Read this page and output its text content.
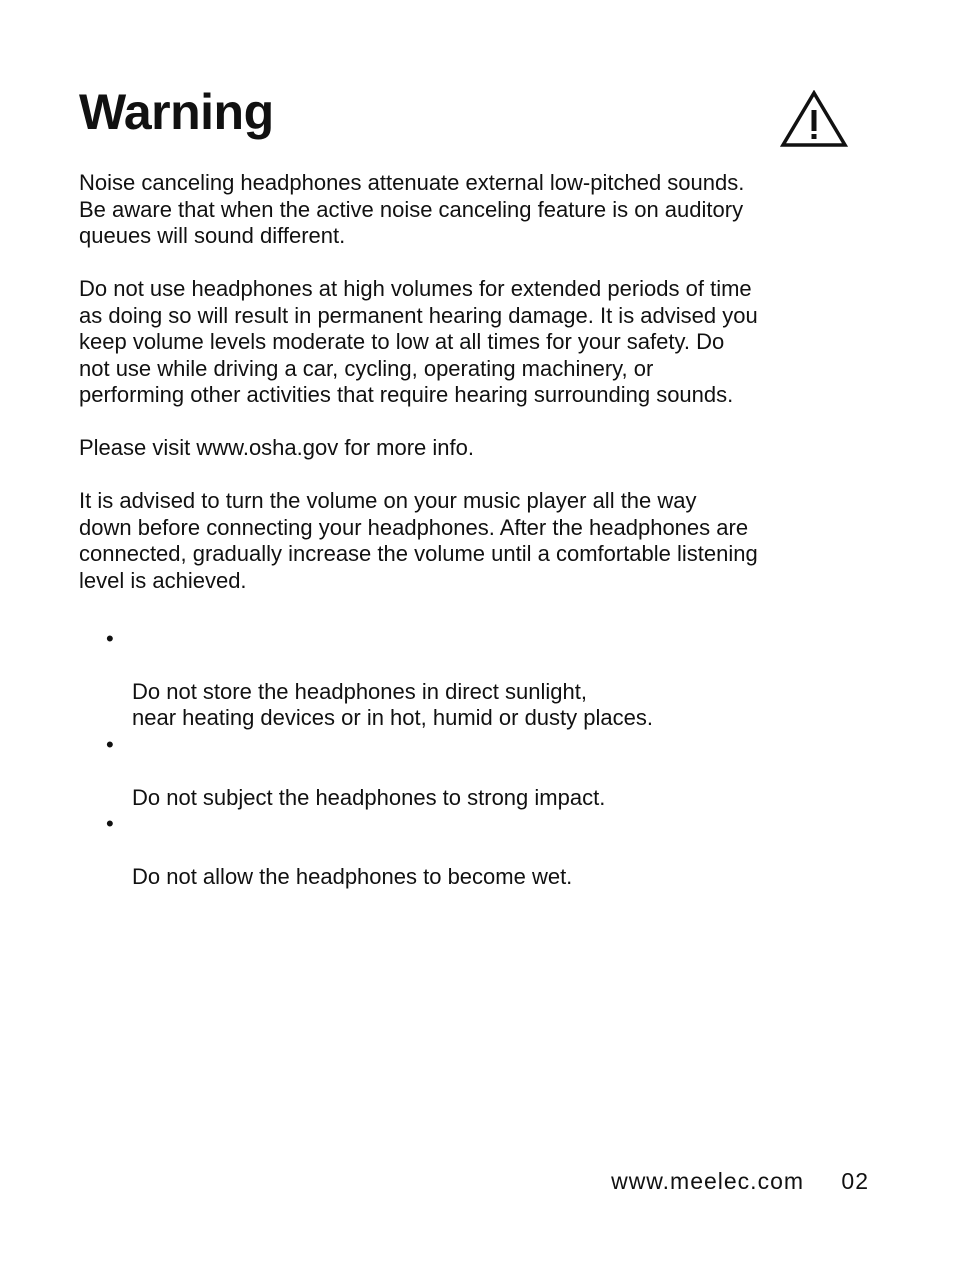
Warning

Noise canceling headphones attenuate external low-pitched sounds.
Be aware that when the active noise canceling feature is on auditory
queues will sound different.

Do not use headphones at high volumes for extended periods of time
as doing so will result in permanent hearing damage. It is advised you
keep volume levels moderate to low at all times for your safety. Do
not use while driving a car, cycling, operating machinery, or
performing other activities that require hearing surrounding sounds.

Please visit www.osha.gov for more info.

It is advised to turn the volume on your music player all the way
down before connecting your headphones. After the headphones are
connected, gradually increase the volume until a comfortable listening
level is achieved.

•

Do not store the headphones in direct sunlight,
near heating devices or in hot, humid or dusty places.

•

Do not subject the headphones to strong impact.

•

Do not allow the headphones to become wet.

www.meelec.com 02
